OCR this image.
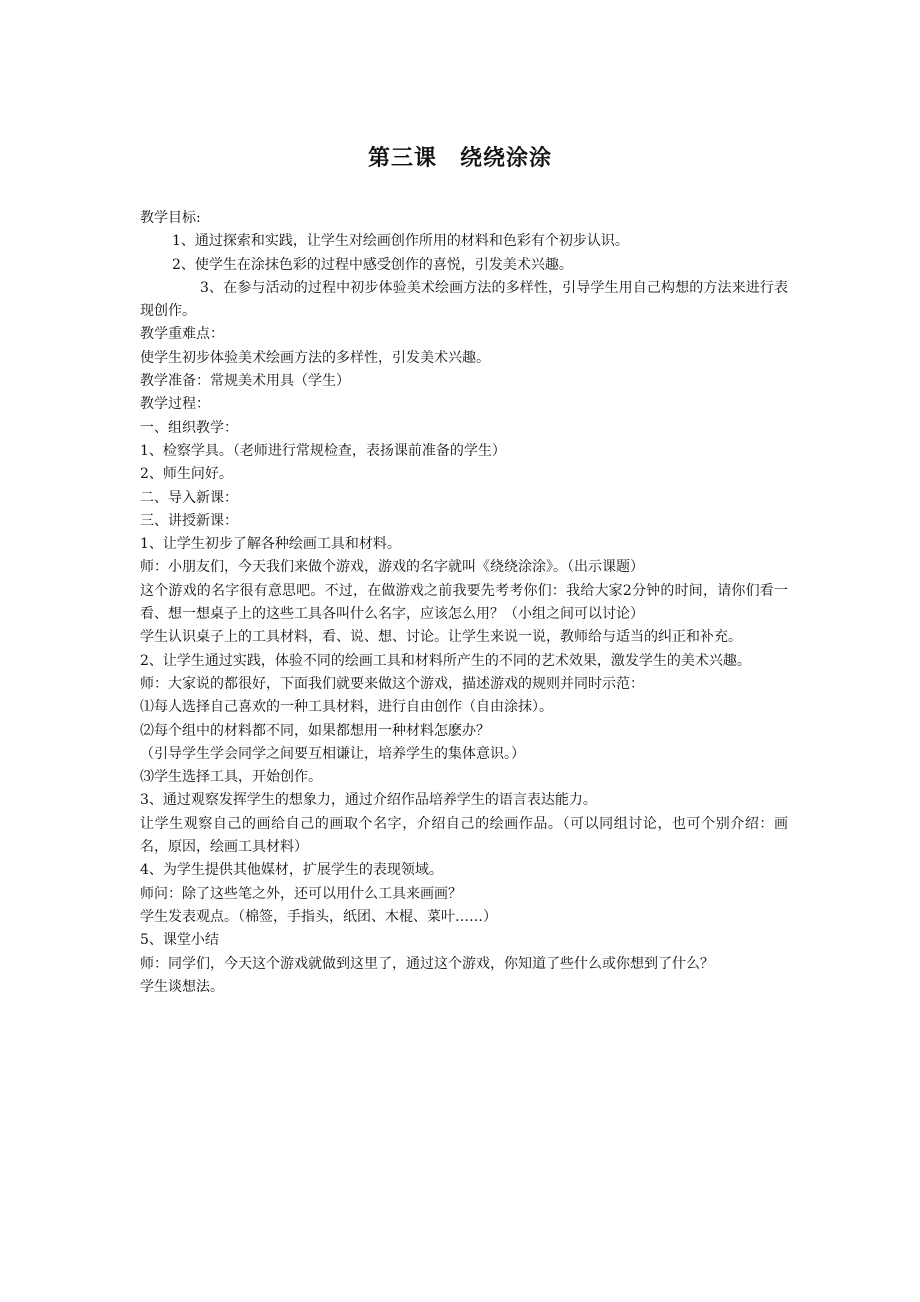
第三课　绕绕涂涂

教学目标:

1、通过探索和实践，让学生对绘画创作所用的材料和色彩有个初步认识。

2、使学生在涂抹色彩的过程中感受创作的喜悦，引发美术兴趣。

3、在参与活动的过程中初步体验美术绘画方法的多样性，引导学生用自己构想的方法来进行表现创作。

教学重难点：

使学生初步体验美术绘画方法的多样性，引发美术兴趣。

教学准备：常规美术用具（学生）

教学过程：

一、组织教学：

1、检察学具。（老师进行常规检查，表扬课前准备的学生）

2、师生问好。

二、导入新课：

三、讲授新课：

1、让学生初步了解各种绘画工具和材料。

师：小朋友们，今天我们来做个游戏，游戏的名字就叫《绕绕涂涂》。（出示课题）

这个游戏的名字很有意思吧。不过，在做游戏之前我要先考考你们：我给大家2分钟的时间，请你们看一看、想一想桌子上的这些工具各叫什么名字，应该怎么用？（小组之间可以讨论）

学生认识桌子上的工具材料，看、说、想、讨论。让学生来说一说，教师给与适当的纠正和补充。

2、让学生通过实践，体验不同的绘画工具和材料所产生的不同的艺术效果，激发学生的美术兴趣。

师：大家说的都很好，下面我们就要来做这个游戏，描述游戏的规则并同时示范：

⑴每人选择自己喜欢的一种工具材料，进行自由创作（自由涂抹）。

⑵每个组中的材料都不同，如果都想用一种材料怎麽办？

（引导学生学会同学之间要互相谦让，培养学生的集体意识。）

⑶学生选择工具，开始创作。

3、通过观察发挥学生的想象力，通过介绍作品培养学生的语言表达能力。

让学生观察自己的画给自己的画取个名字，介绍自己的绘画作品。（可以同组讨论，也可个别介绍：画名，原因，绘画工具材料）

4、为学生提供其他媒材，扩展学生的表现领域。

师问：除了这些笔之外，还可以用什么工具来画画？

学生发表观点。（棉签，手指头，纸团、木棍、菜叶……）

5、课堂小结

师：同学们，今天这个游戏就做到这里了，通过这个游戏，你知道了些什么或你想到了什么？

学生谈想法。
